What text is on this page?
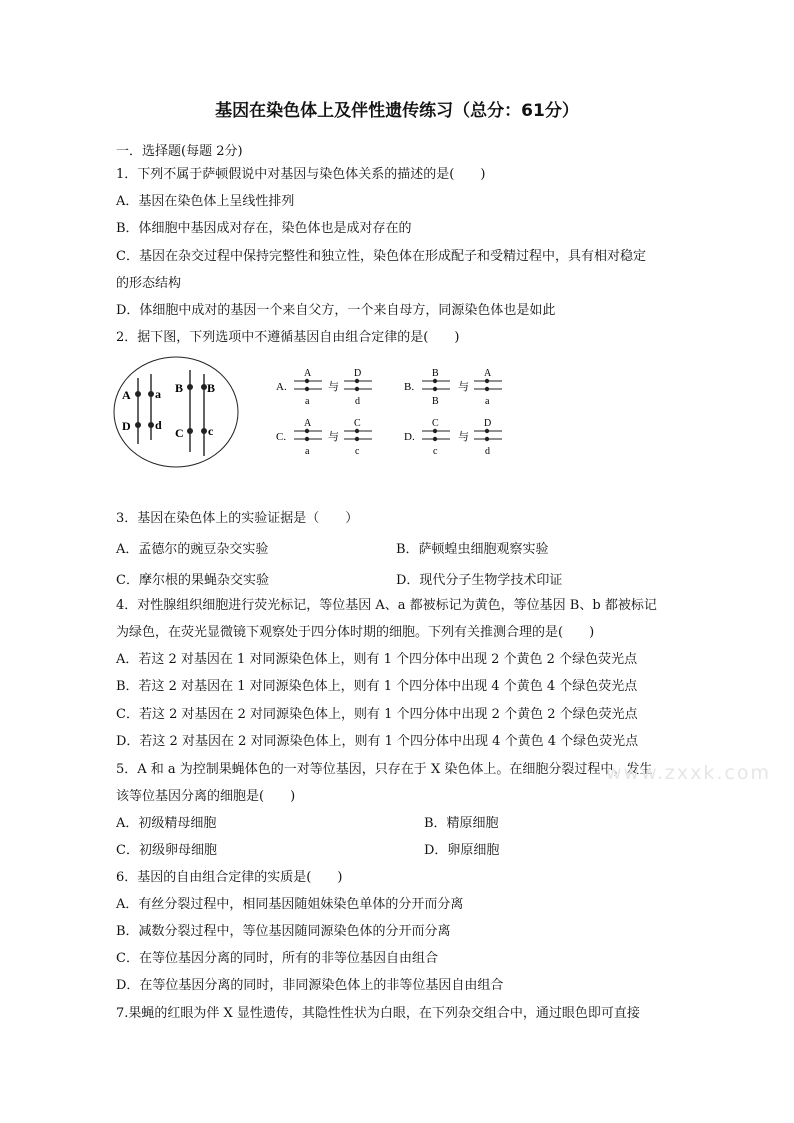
基因在染色体上及伴性遗传练习（总分：61分）
一．选择题(每题 2分)
1．下列不属于萨顿假说中对基因与染色体关系的描述的是(　　)
A．基因在染色体上呈线性排列
B．体细胞中基因成对存在，染色体也是成对存在的
C．基因在杂交过程中保持完整性和独立性，染色体在形成配子和受精过程中，具有相对稳定
的形态结构
D．体细胞中成对的基因一个来自父方，一个来自母方，同源染色体也是如此
2．据下图，下列选项中不遵循基因自由组合定律的是(　　)
A a
D d
B B
C c
A.
A
a
与
D
d
B.
B
B
与
A
a
C.
A
a
与
C
c
D.
C
c
与
D
d
3．基因在染色体上的实验证据是（　　）
A．孟德尔的豌豆杂交实验	B．萨顿蝗虫细胞观察实验
C．摩尔根的果蝇杂交实验	D．现代分子生物学技术印证
4．对性腺组织细胞进行荧光标记，等位基因 A、a 都被标记为黄色，等位基因 B、b 都被标记
为绿色，在荧光显微镜下观察处于四分体时期的细胞。下列有关推测合理的是(　　)
A．若这 2 对基因在 1 对同源染色体上，则有 1 个四分体中出现 2 个黄色 2 个绿色荧光点
B．若这 2 对基因在 1 对同源染色体上，则有 1 个四分体中出现 4 个黄色 4 个绿色荧光点
C．若这 2 对基因在 2 对同源染色体上，则有 1 个四分体中出现 2 个黄色 2 个绿色荧光点
D．若这 2 对基因在 2 对同源染色体上，则有 1 个四分体中出现 4 个黄色 4 个绿色荧光点
5．A 和 a 为控制果蝇体色的一对等位基因，只存在于 X 染色体上。在细胞分裂过程中，发生
该等位基因分离的细胞是(　　)
www.zxxk.com
A．初级精母细胞	B．精原细胞
C．初级卵母细胞	D．卵原细胞
6．基因的自由组合定律的实质是(　　)
A．有丝分裂过程中，相同基因随姐妹染色单体的分开而分离
B．减数分裂过程中，等位基因随同源染色体的分开而分离
C．在等位基因分离的同时，所有的非等位基因自由组合
D．在等位基因分离的同时，非同源染色体上的非等位基因自由组合
7.果蝇的红眼为伴 X 显性遗传，其隐性性状为白眼，在下列杂交组合中，通过眼色即可直接
